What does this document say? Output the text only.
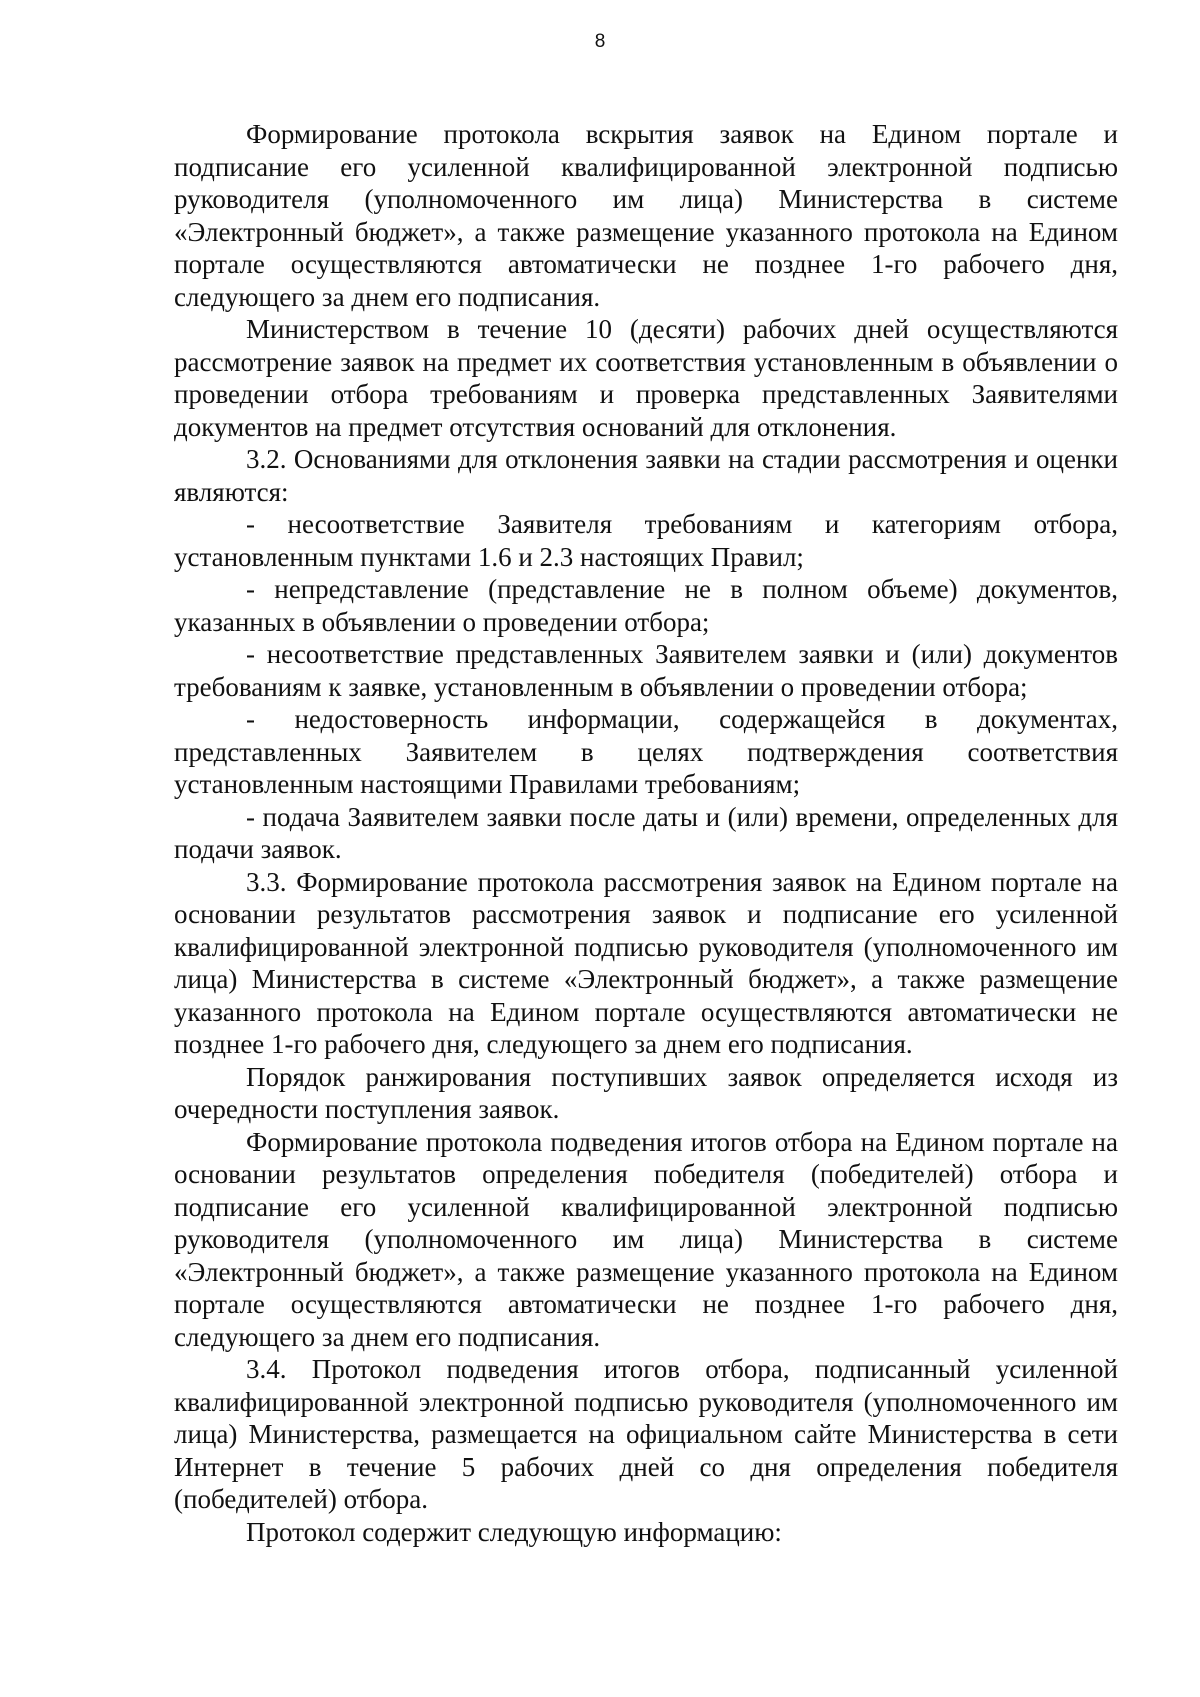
8

Формирование протокола вскрытия заявок на Едином портале и подписание его усиленной квалифицированной электронной подписью руководителя (уполномоченного им лица) Министерства в системе «Электронный бюджет», а также размещение указанного протокола на Едином портале осуществляются автоматически не позднее 1-го рабочего дня, следующего за днем его подписания.

Министерством в течение 10 (десяти) рабочих дней осуществляются рассмотрение заявок на предмет их соответствия установленным в объявлении о проведении отбора требованиям и проверка представленных Заявителями документов на предмет отсутствия оснований для отклонения.

3.2. Основаниями для отклонения заявки на стадии рассмотрения и оценки являются:

- несоответствие Заявителя требованиям и категориям отбора, установленным пунктами 1.6 и 2.3 настоящих Правил;

- непредставление (представление не в полном объеме) документов, указанных в объявлении о проведении отбора;

- несоответствие представленных Заявителем заявки и (или) документов требованиям к заявке, установленным в объявлении о проведении отбора;

- недостоверность информации, содержащейся в документах, представленных Заявителем в целях подтверждения соответствия установленным настоящими Правилами требованиям;

- подача Заявителем заявки после даты и (или) времени, определенных для подачи заявок.

3.3. Формирование протокола рассмотрения заявок на Едином портале на основании результатов рассмотрения заявок и подписание его усиленной квалифицированной электронной подписью руководителя (уполномоченного им лица) Министерства в системе «Электронный бюджет», а также размещение указанного протокола на Едином портале осуществляются автоматически не позднее 1-го рабочего дня, следующего за днем его подписания.

Порядок ранжирования поступивших заявок определяется исходя из очередности поступления заявок.

Формирование протокола подведения итогов отбора на Едином портале на основании результатов определения победителя (победителей) отбора и подписание его усиленной квалифицированной электронной подписью руководителя (уполномоченного им лица) Министерства в системе «Электронный бюджет», а также размещение указанного протокола на Едином портале осуществляются автоматически не позднее 1-го рабочего дня, следующего за днем его подписания.

3.4. Протокол подведения итогов отбора, подписанный усиленной квалифицированной электронной подписью руководителя (уполномоченного им лица) Министерства, размещается на официальном сайте Министерства в сети Интернет в течение 5 рабочих дней со дня определения победителя (победителей) отбора.

Протокол содержит следующую информацию:
